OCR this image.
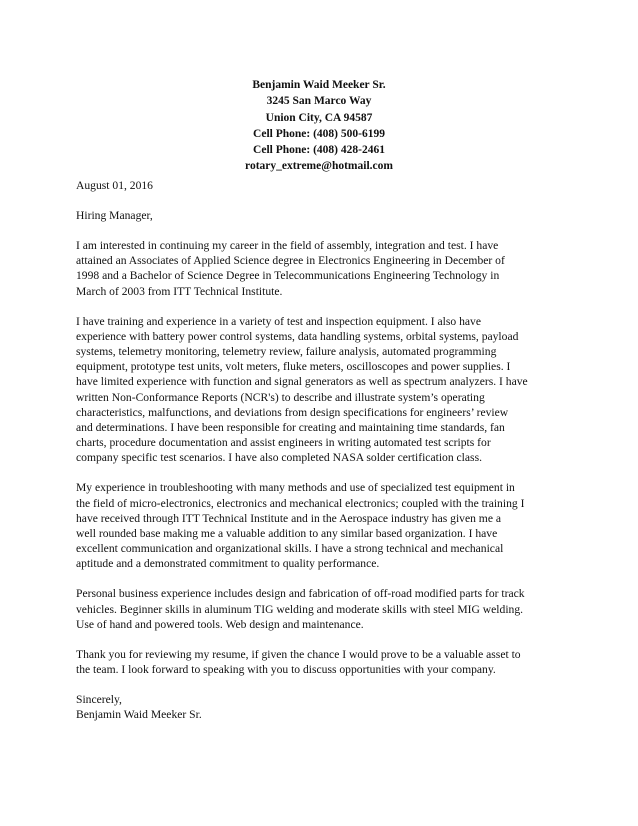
Benjamin Waid Meeker Sr.
3245 San Marco Way
Union City, CA 94587
Cell Phone: (408) 500-6199
Cell Phone: (408) 428-2461
rotary_extreme@hotmail.com

August 01, 2016

Hiring Manager,

I am interested in continuing my career in the field of assembly, integration and test. I have
attained an Associates of Applied Science degree in Electronics Engineering in December of
1998 and a Bachelor of Science Degree in Telecommunications Engineering Technology in
March of 2003 from ITT Technical Institute.

I have training and experience in a variety of test and inspection equipment. I also have
experience with battery power control systems, data handling systems, orbital systems, payload
systems, telemetry monitoring, telemetry review, failure analysis, automated programming
equipment, prototype test units, volt meters, fluke meters, oscilloscopes and power supplies. I
have limited experience with function and signal generators as well as spectrum analyzers. I have
written Non-Conformance Reports (NCR's) to describe and illustrate system’s operating
characteristics, malfunctions, and deviations from design specifications for engineers’ review
and determinations. I have been responsible for creating and maintaining time standards, fan
charts, procedure documentation and assist engineers in writing automated test scripts for
company specific test scenarios. I have also completed NASA solder certification class.

My experience in troubleshooting with many methods and use of specialized test equipment in
the field of micro-electronics, electronics and mechanical electronics; coupled with the training I
have received through ITT Technical Institute and in the Aerospace industry has given me a
well rounded base making me a valuable addition to any similar based organization. I have
excellent communication and organizational skills. I have a strong technical and mechanical
aptitude and a demonstrated commitment to quality performance.

Personal business experience includes design and fabrication of off-road modified parts for track
vehicles. Beginner skills in aluminum TIG welding and moderate skills with steel MIG welding.
Use of hand and powered tools. Web design and maintenance.

Thank you for reviewing my resume, if given the chance I would prove to be a valuable asset to
the team. I look forward to speaking with you to discuss opportunities with your company.

Sincerely,

Benjamin Waid Meeker Sr.
